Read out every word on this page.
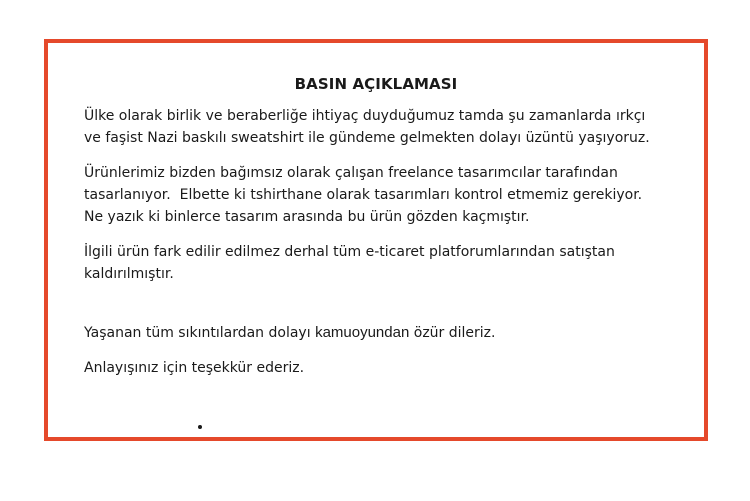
BASIN AÇIKLAMASI
Ülke olarak birlik ve beraberliğe ihtiyaç duyduğumuz tamda şu zamanlarda ırkçı
ve faşist Nazi baskılı sweatshirt ile gündeme gelmekten dolayı üzüntü yaşıyoruz.
Ürünlerimiz bizden bağımsız olarak çalışan freelance tasarımcılar tarafından
tasarlanıyor.  Elbette ki tshirthane olarak tasarımları kontrol etmemiz gerekiyor.
Ne yazık ki binlerce tasarım arasında bu ürün gözden kaçmıştır.
İlgili ürün fark edilir edilmez derhal tüm e-ticaret platforumlarından satıştan
kaldırılmıştır.
Yaşanan tüm sıkıntılardan dolayı kamuoyundan özür dileriz.
Anlayışınız için teşekkür ederiz.
